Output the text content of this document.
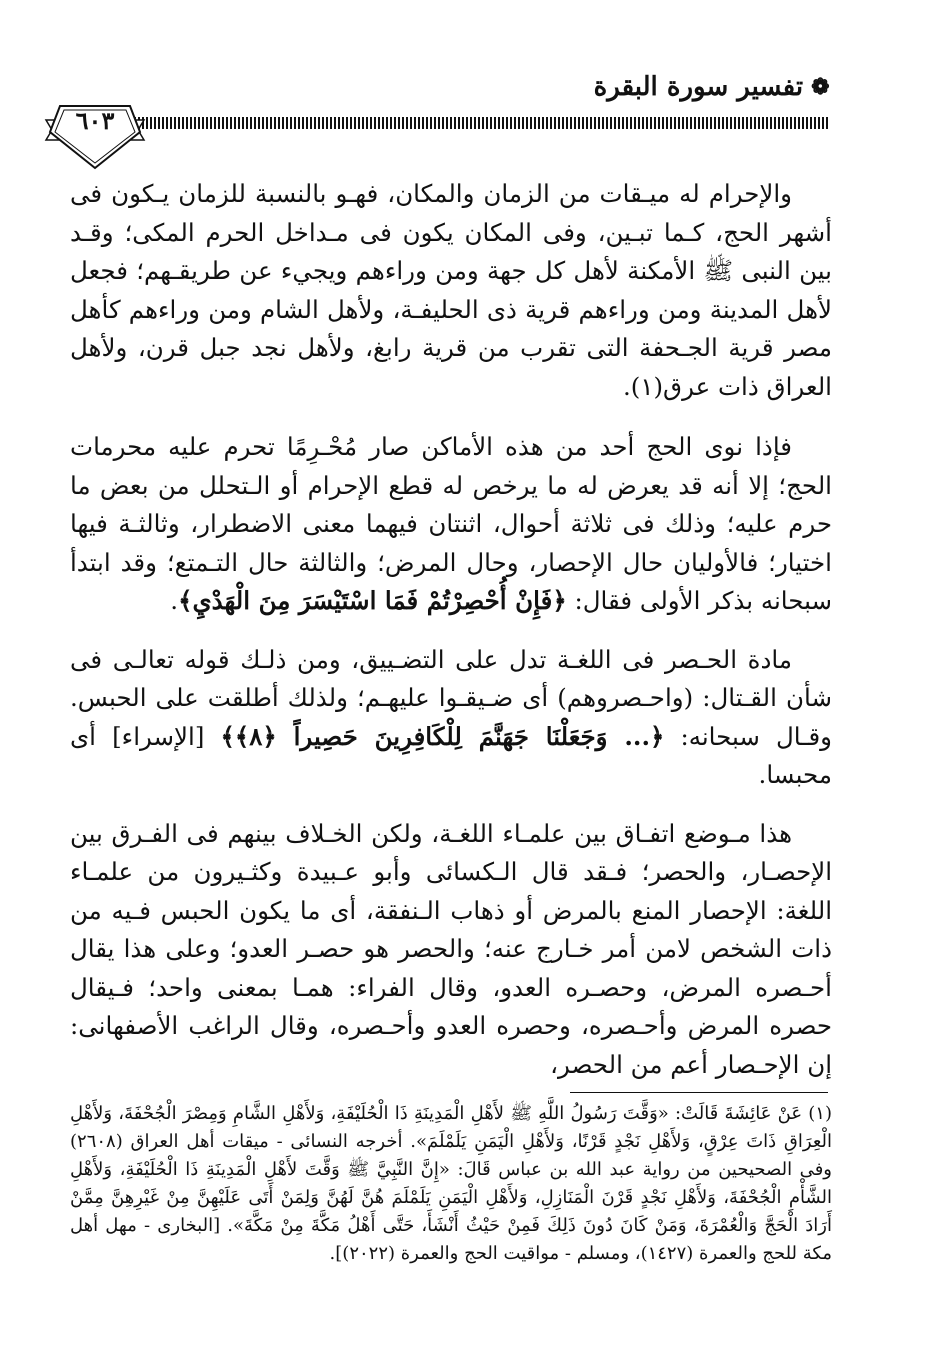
❁
تفسير سورة البقرة
٦٠٣

والإحرام له ميـقات من الزمان والمكان، فهـو بالنسبة للزمان يـكون فى أشهر الحج، كـما تبـين، وفى المكان يكون فى مـداخل الحرم المكى؛ وقـد بين النبى ﷺ الأمكنة لأهل كل جهة ومن وراءهم ويجيء عن طريقـهم؛ فجعل لأهل المدينة ومن وراءهم قرية ذى الحليفـة، ولأهل الشام ومن وراءهم كأهل مصر قرية الجـحفة التى تقرب من قرية رابغ، ولأهل نجد جبل قرن، ولأهل العراق ذات عرق(١).

فإذا نوى الحج أحد من هذه الأماكن صار مُحْـرِمًا تحرم عليه محرمات الحج؛ إلا أنه قد يعرض له ما يرخص له قطع الإحرام أو الـتحلل من بعض ما حرم عليه؛ وذلك فى ثلاثة أحوال، اثنتان فيهما معنى الاضطرار، وثالثـة فيها اختيار؛ فالأوليان حال الإحصار، وحال المرض؛ والثالثة حال التـمتع؛ وقد ابتدأ سبحانه بذكر الأولى فقال: ﴿فَإِنْ أُحْصِرْتُمْ فَمَا اسْتَيْسَرَ مِنَ الْهَدْيِ﴾.

مادة الحـصر فى اللغـة تدل على التضـييق، ومن ذلـك قوله تعالـى فى شأن القـتال: (واحـصروهم) أى ضـيقـوا عليهـم؛ ولذلك أطلقت على الحبس. وقـال سبحانه: ﴿... وَجَعَلْنَا جَهَنَّمَ لِلْكَافِرِينَ حَصِيراً ﴿٨﴾﴾ [الإسراء] أى محبسا.

هذا مـوضع اتفـاق بين علمـاء اللغـة، ولكن الخـلاف بينهم فى الفـرق بين الإحصـار، والحصر؛ فـقد قال الـكسائى وأبو عـبيدة وكثـيرون من علمـاء اللغة: الإحصار المنع بالمرض أو ذهاب الـنفقة، أى ما يكون الحبس فـيه من ذات الشخص لامن أمر خـارج عنه؛ والحصر هو حصـر العدو؛ وعلى هذا يقال أحـصره المرض، وحصـره العدو، وقال الفراء: همـا بمعنى واحد؛ فـيقال حصره المرض وأحـصره، وحصره العدو وأحـصره، وقال الراغب الأصفهانى: إن الإحـصار أعم من الحصر،

(١) عَنْ عَائِشَةَ قَالَتْ: «وَقَّتَ رَسُولُ اللَّهِ ﷺ لأَهْلِ الْمَدِينَةِ ذَا الْحُلَيْفَةِ، وَلأَهْلِ الشَّامِ وَمِصْرَ الْجُحْفَةَ، وَلأَهْلِ الْعِرَاقِ ذَاتَ عِرْقٍ، وَلأَهْلِ نَجْدٍ قَرْنًا، وَلأَهْلِ الْيَمَنِ يَلَمْلَمَ». أخرجه النسائى - ميقات أهل العراق (٢٦٠٨) وفى الصحيحين من رواية عبد الله بن عباس قَالَ: «إِنَّ النَّبِيَّ ﷺ وَقَّتَ لأَهْلِ الْمَدِينَةِ ذَا الْحُلَيْفَةِ، وَلأَهْلِ الشَّأْمِ الْجُحْفَةَ، وَلأَهْلِ نَجْدٍ قَرْنَ الْمَنَازِلِ، وَلأَهْلِ الْيَمَنِ يَلَمْلَمَ هُنَّ لَهُنَّ وَلِمَنْ أَتَى عَلَيْهِنَّ مِنْ غَيْرِهِنَّ مِمَّنْ أَرَادَ الْحَجَّ وَالْعُمْرَةَ، وَمَنْ كَانَ دُونَ ذَلِكَ فَمِنْ حَيْثُ أَنْشَأَ، حَتَّى أَهْلُ مَكَّةَ مِنْ مَكَّةَ». [البخارى - مهل أهل مكة للحج والعمرة (١٤٢٧)، ومسلم - مواقيت الحج والعمرة (٢٠٢٢)].
